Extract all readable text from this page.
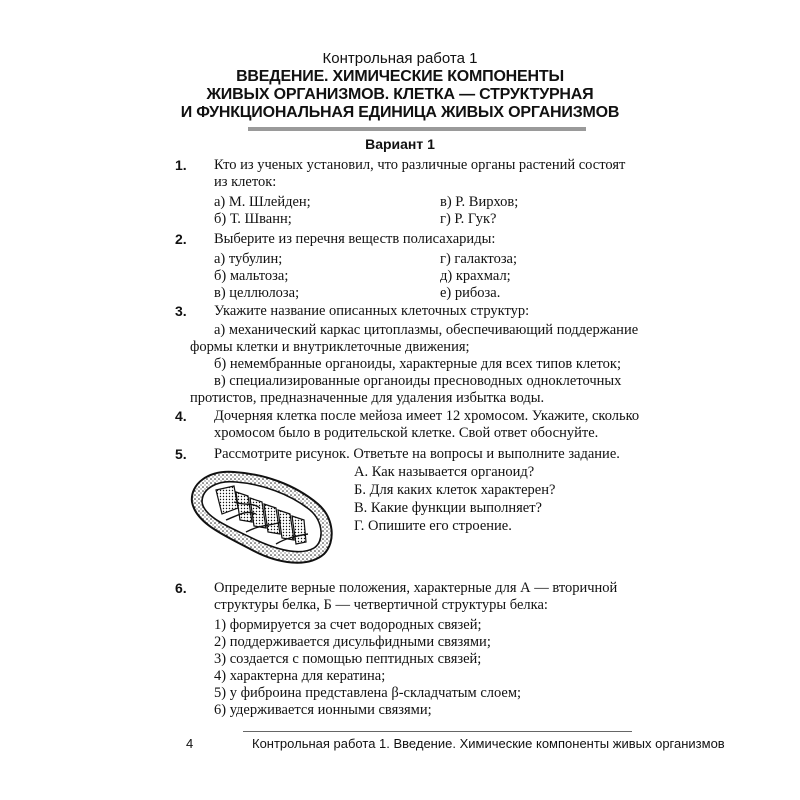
Контрольная работа 1
ВВЕДЕНИЕ. ХИМИЧЕСКИЕ КОМПОНЕНТЫ
ЖИВЫХ ОРГАНИЗМОВ. КЛЕТКА — СТРУКТУРНАЯ
И ФУНКЦИОНАЛЬНАЯ ЕДИНИЦА ЖИВЫХ ОРГАНИЗМОВ
Вариант 1
1. Кто из ученых установил, что различные органы растений состоят
из клеток:
а) М. Шлейден;	в) Р. Вирхов;
б) Т. Шванн;	г) Р. Гук?
2. Выберите из перечня веществ полисахариды:
а) тубулин;	г) галактоза;
б) мальтоза;	д) крахмал;
в) целлюлоза;	е) рибоза.
3. Укажите название описанных клеточных структур:
а) механический каркас цитоплазмы, обеспечивающий поддержание
формы клетки и внутриклеточные движения;
б) немембранные органоиды, характерные для всех типов клеток;
в) специализированные органоиды пресноводных одноклеточных
протистов, предназначенные для удаления избытка воды.
4. Дочерняя клетка после мейоза имеет 12 хромосом. Укажите, сколько
хромосом было в родительской клетке. Свой ответ обоснуйте.
5. Рассмотрите рисунок. Ответьте на вопросы и выполните задание.
А. Как называется органоид?
Б. Для каких клеток характерен?
В. Какие функции выполняет?
Г. Опишите его строение.
6. Определите верные положения, характерные для А — вторичной
структуры белка, Б — четвертичной структуры белка:
1) формируется за счет водородных связей;
2) поддерживается дисульфидными связями;
3) создается с помощью пептидных связей;
4) характерна для кератина;
5) у фиброина представлена β-складчатым слоем;
6) удерживается ионными связями;
4	Контрольная работа 1. Введение. Химические компоненты живых организмов
